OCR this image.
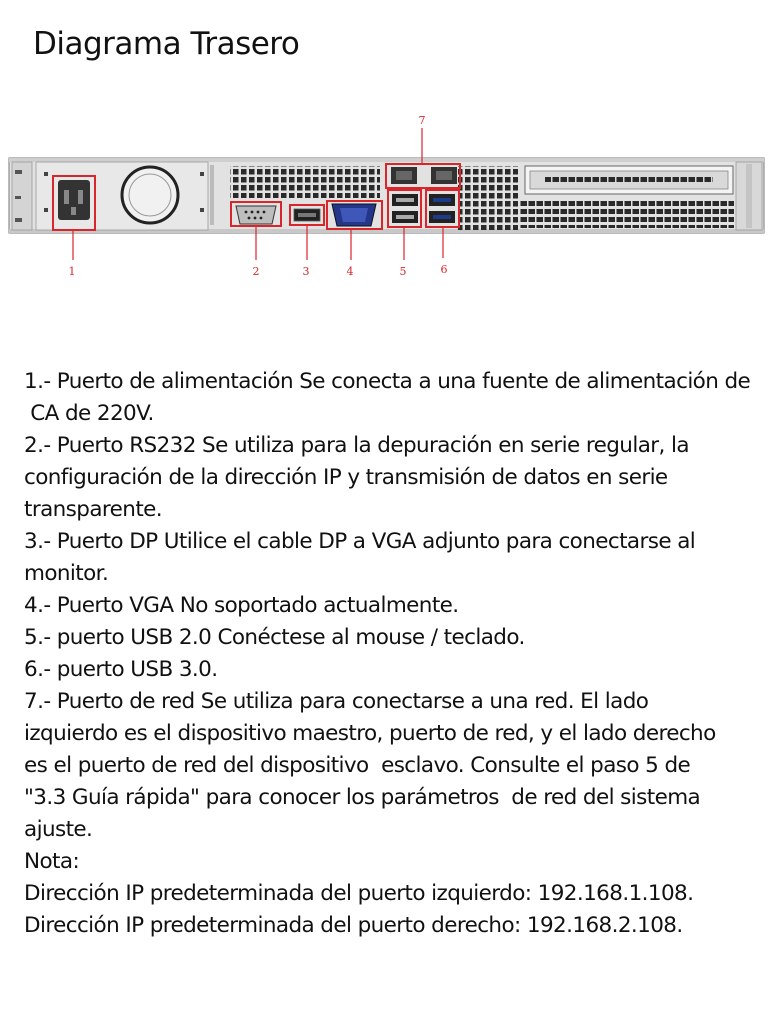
Diagrama Trasero
1	2	3	4	5	6
7

1.- Puerto de alimentación Se conecta a una fuente de alimentación de

CA de 220V.

2.- Puerto RS232 Se utiliza para la depuración en serie regular, la

configuración de la dirección IP y transmisión de datos en serie

transparente.

3.- Puerto DP Utilice el cable DP a VGA adjunto para conectarse al

monitor.

4.- Puerto VGA No soportado actualmente.

5.- puerto USB 2.0 Conéctese al mouse / teclado.

6.- puerto USB 3.0.

7.- Puerto de red Se utiliza para conectarse a una red. El lado

izquierdo es el dispositivo maestro, puerto de red, y el lado derecho

es el puerto de red del dispositivo  esclavo. Consulte el paso 5 de

"3.3 Guía rápida" para conocer los parámetros  de red del sistema

ajuste.

Nota:

Dirección IP predeterminada del puerto izquierdo: 192.168.1.108.

Dirección IP predeterminada del puerto derecho: 192.168.2.108.
